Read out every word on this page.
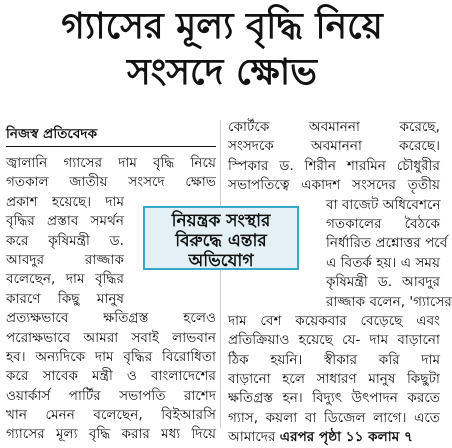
গ্যাসের মূল্য বৃদ্ধি নিয়ে
সংসদে ক্ষোভ
নিজস্ব প্রতিবেদক
জ্বালানি গ্যাসের দাম বৃদ্ধি নিয়ে
গতকাল জাতীয় সংসদে ক্ষোভ
প্রকাশ হয়েছে। দাম
বৃদ্ধির প্রস্তাব সমর্থন
করে কৃষিমন্ত্রী ড.
আবদুর রাজ্জাক
বলেছেন, দাম বৃদ্ধির
কারণে কিছু মানুষ
প্রত্যক্ষভাবে ক্ষতিগ্রস্ত হলেও
পরোক্ষভাবে আমরা সবাই লাভবান
হব। অন্যদিকে দাম বৃদ্ধির বিরোধিতা
করে সাবেক মন্ত্রী ও বাংলাদেশের
ওয়ার্কার্স পার্টির সভাপতি রাশেদ
খান মেনন বলেছেন, বিইআরসি
গ্যাসের মূল্য বৃদ্ধি করার মধ্য দিয়ে
কোর্টকে অবমাননা করেছে,
সংসদকে অবমাননা করেছে।
স্পিকার ড. শিরীন শারমিন চৌধুরীর
সভাপতিত্বে একাদশ সংসদের তৃতীয়
বা বাজেট অধিবেশনে
গতকালের বৈঠকে
নির্ধারিত প্রশ্নোত্তর পর্বে
এ বিতর্ক হয়। এ সময়
কৃষিমন্ত্রী ড. আবদুর
রাজ্জাক বলেন, 'গ্যাসের
দাম বেশ কয়েকবার বেড়েছে এবং
প্রতিক্রিয়াও হয়েছে যে- দাম বাড়ানো
ঠিক হয়নি। স্বীকার করি দাম
বাড়ানো হলে সাধারণ মানুষ কিছুটা
ক্ষতিগ্রস্ত হন। বিদ্যুৎ উৎপাদন করতে
গ্যাস, কয়লা বা ডিজেল লাগে। এতে
আমাদের এরপর পৃষ্ঠা ১১ কলাম ৭
নিয়ন্ত্রক সংস্থার
বিরুদ্ধে এন্তার
অভিযোগ
